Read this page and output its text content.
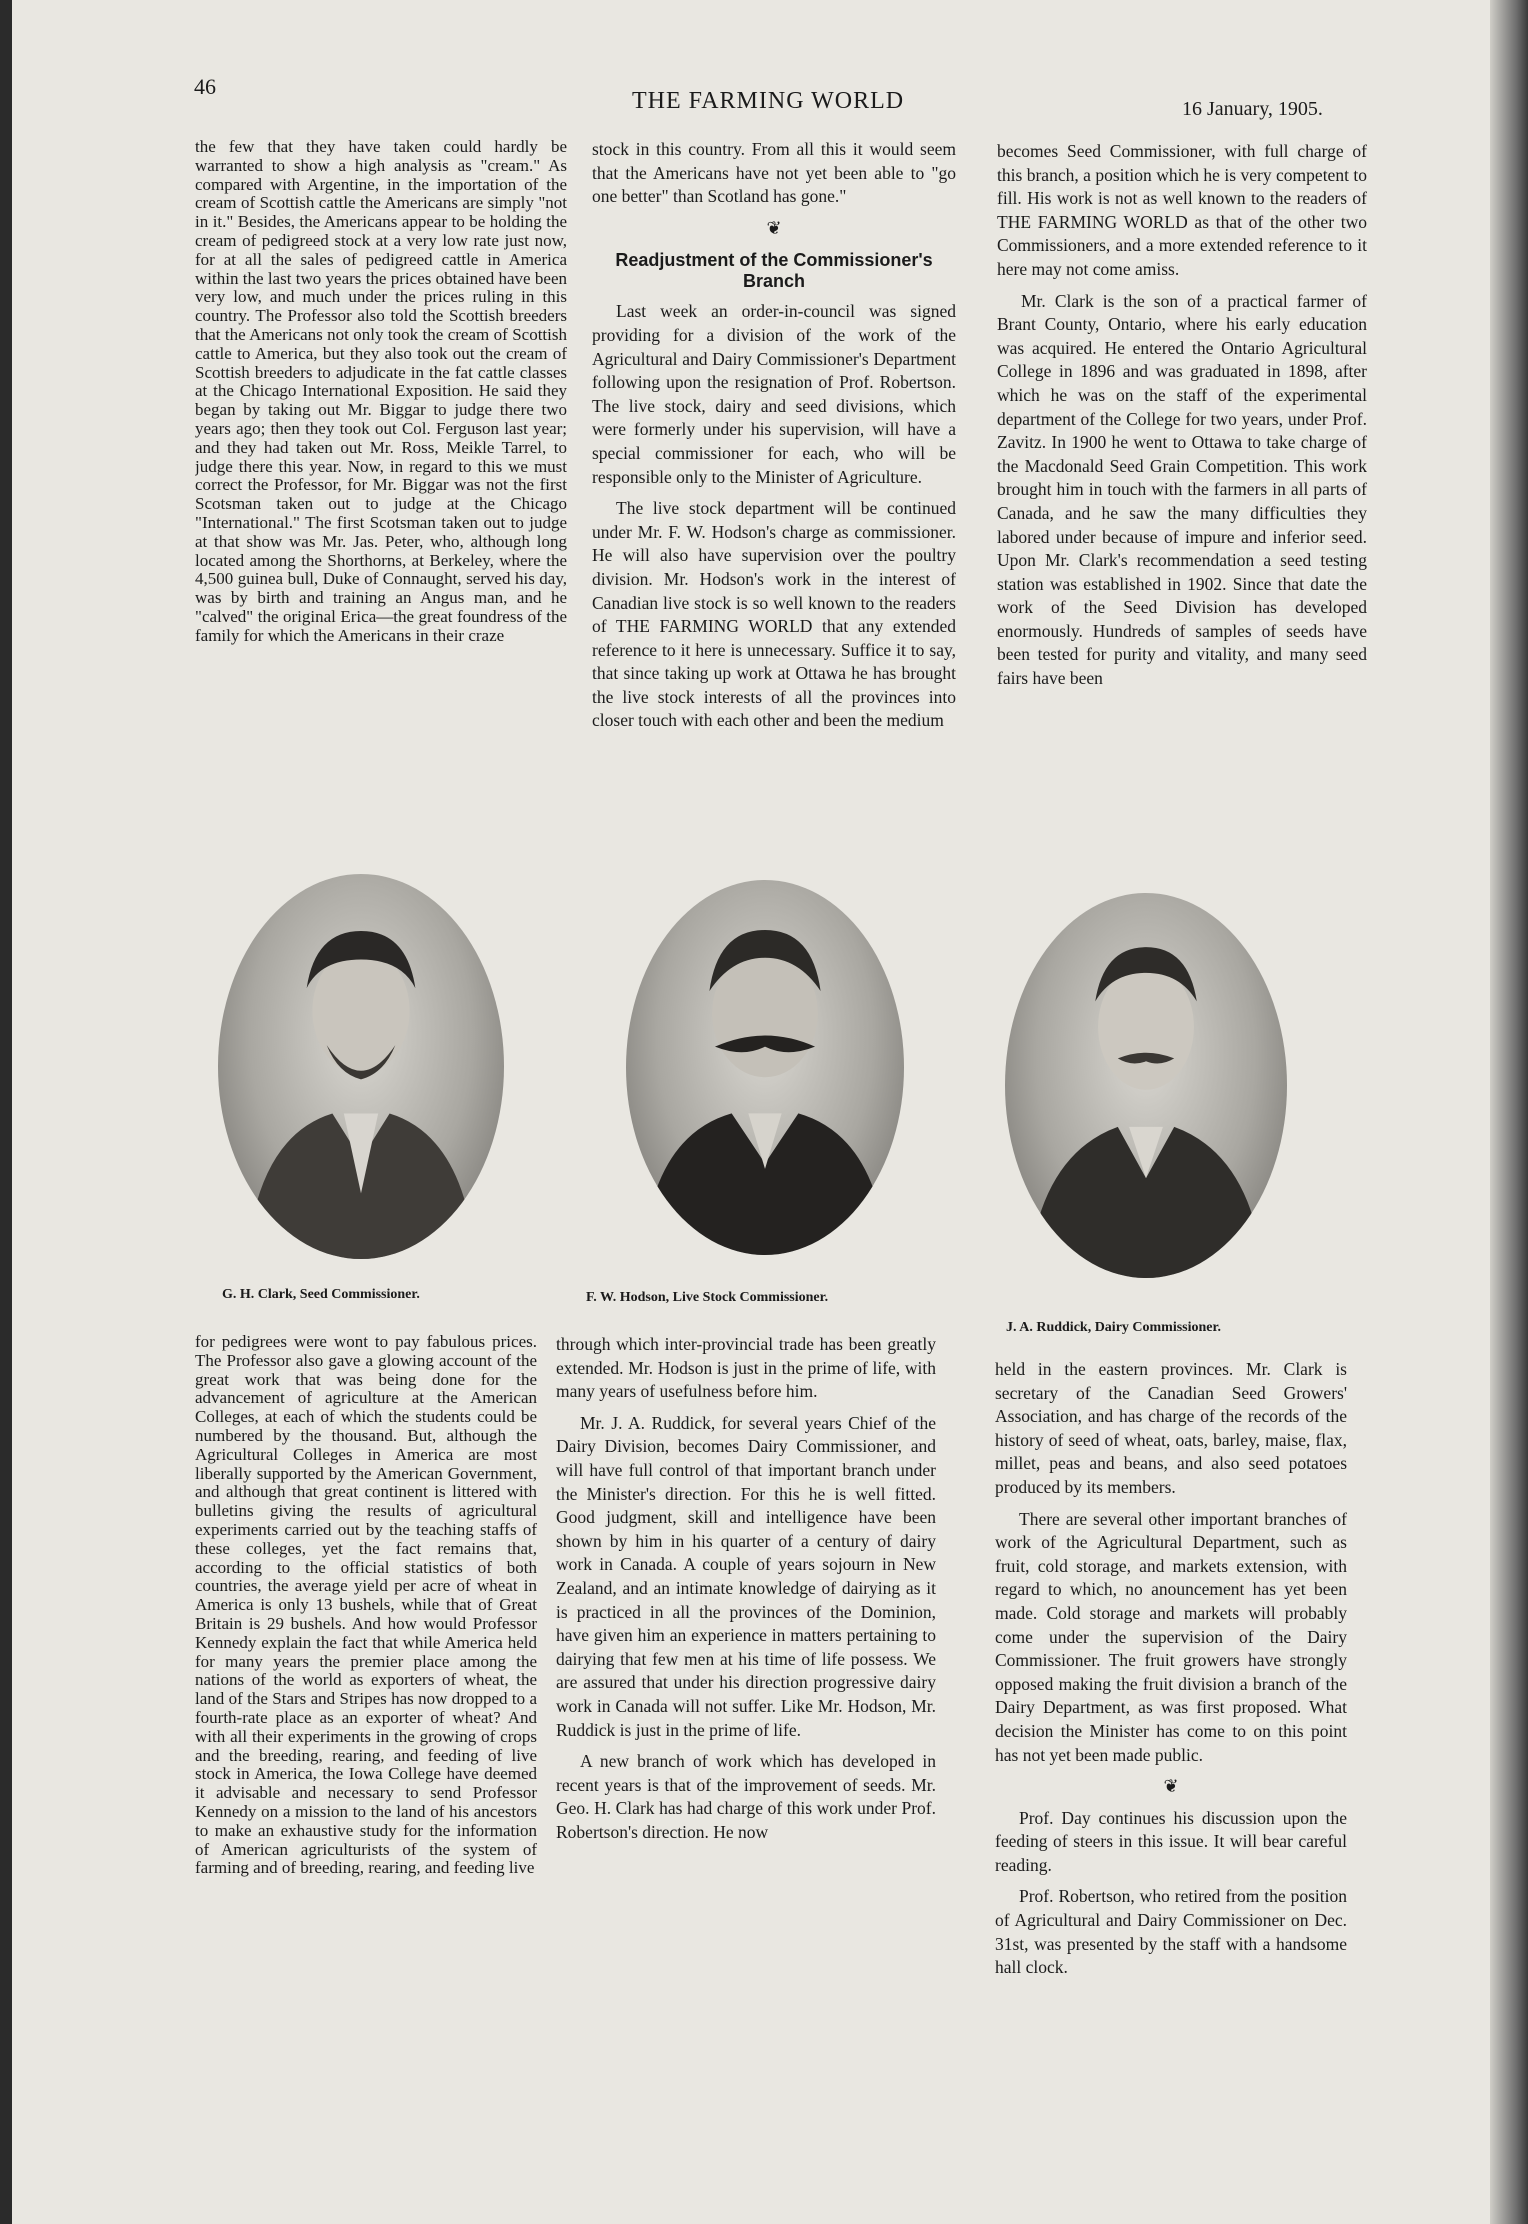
46
THE FARMING WORLD	16 January, 1905.

the few that they have taken could hardly be warranted to show a high analysis as "cream." As compared with Argentine, in the importation of the cream of Scottish cattle the Americans are simply "not in it." Besides, the Americans appear to be holding the cream of pedigreed stock at a very low rate just now, for at all the sales of pedigreed cattle in America within the last two years the prices obtained have been very low, and much under the prices ruling in this country. The Professor also told the Scottish breeders that the Americans not only took the cream of Scottish cattle to America, but they also took out the cream of Scottish breeders to adjudicate in the fat cattle classes at the Chicago International Exposition. He said they began by taking out Mr. Biggar to judge there two years ago; then they took out Col. Ferguson last year; and they had taken out Mr. Ross, Meikle Tarrel, to judge there this year. Now, in regard to this we must correct the Professor, for Mr. Biggar was not the first Scotsman taken out to judge at the Chicago "International." The first Scotsman taken out to judge at that show was Mr. Jas. Peter, who, although long located among the Shorthorns, at Berkeley, where the 4,500 guinea bull, Duke of Connaught, served his day, was by birth and training an Angus man, and he "calved" the original Erica—the great foundress of the family for which the Americans in their craze

stock in this country. From all this it would seem that the Americans have not yet been able to "go one better" than Scotland has gone."

❦
Readjustment of the Commissioner's Branch

Last week an order-in-council was signed providing for a division of the work of the Agricultural and Dairy Commissioner's Department following upon the resignation of Prof. Robertson. The live stock, dairy and seed divisions, which were formerly under his supervision, will have a special commissioner for each, who will be responsible only to the Minister of Agriculture.

The live stock department will be continued under Mr. F. W. Hodson's charge as commissioner. He will also have supervision over the poultry division. Mr. Hodson's work in the interest of Canadian live stock is so well known to the readers of THE FARMING WORLD that any extended reference to it here is unnecessary. Suffice it to say, that since taking up work at Ottawa he has brought the live stock interests of all the provinces into closer touch with each other and been the medium

becomes Seed Commissioner, with full charge of this branch, a position which he is very competent to fill. His work is not as well known to the readers of THE FARMING WORLD as that of the other two Commissioners, and a more extended reference to it here may not come amiss.

Mr. Clark is the son of a practical farmer of Brant County, Ontario, where his early education was acquired. He entered the Ontario Agricultural College in 1896 and was graduated in 1898, after which he was on the staff of the experimental department of the College for two years, under Prof. Zavitz. In 1900 he went to Ottawa to take charge of the Macdonald Seed Grain Competition. This work brought him in touch with the farmers in all parts of Canada, and he saw the many difficulties they labored under because of impure and inferior seed. Upon Mr. Clark's recommendation a seed testing station was established in 1902. Since that date the work of the Seed Division has developed enormously. Hundreds of samples of seeds have been tested for purity and vitality, and many seed fairs have been

G. H. Clark, Seed Commissioner.	F. W. Hodson, Live Stock Commissioner.
J. A. Ruddick, Dairy Commissioner.

for pedigrees were wont to pay fabulous prices. The Professor also gave a glowing account of the great work that was being done for the advancement of agriculture at the American Colleges, at each of which the students could be numbered by the thousand. But, although the Agricultural Colleges in America are most liberally supported by the American Government, and although that great continent is littered with bulletins giving the results of agricultural experiments carried out by the teaching staffs of these colleges, yet the fact remains that, according to the official statistics of both countries, the average yield per acre of wheat in America is only 13 bushels, while that of Great Britain is 29 bushels. And how would Professor Kennedy explain the fact that while America held for many years the premier place among the nations of the world as exporters of wheat, the land of the Stars and Stripes has now dropped to a fourth-rate place as an exporter of wheat? And with all their experiments in the growing of crops and the breeding, rearing, and feeding of live stock in America, the Iowa College have deemed it advisable and necessary to send Professor Kennedy on a mission to the land of his ancestors to make an exhaustive study for the information of American agriculturists of the system of farming and of breeding, rearing, and feeding live

through which inter-provincial trade has been greatly extended. Mr. Hodson is just in the prime of life, with many years of usefulness before him.

Mr. J. A. Ruddick, for several years Chief of the Dairy Division, becomes Dairy Commissioner, and will have full control of that important branch under the Minister's direction. For this he is well fitted. Good judgment, skill and intelligence have been shown by him in his quarter of a century of dairy work in Canada. A couple of years sojourn in New Zealand, and an intimate knowledge of dairying as it is practiced in all the provinces of the Dominion, have given him an experience in matters pertaining to dairying that few men at his time of life possess. We are assured that under his direction progressive dairy work in Canada will not suffer. Like Mr. Hodson, Mr. Ruddick is just in the prime of life.

A new branch of work which has developed in recent years is that of the improvement of seeds. Mr. Geo. H. Clark has had charge of this work under Prof. Robertson's direction. He now

held in the eastern provinces. Mr. Clark is secretary of the Canadian Seed Growers' Association, and has charge of the records of the history of seed of wheat, oats, barley, maise, flax, millet, peas and beans, and also seed potatoes produced by its members.

There are several other important branches of work of the Agricultural Department, such as fruit, cold storage, and markets extension, with regard to which, no anouncement has yet been made. Cold storage and markets will probably come under the supervision of the Dairy Commissioner. The fruit growers have strongly opposed making the fruit division a branch of the Dairy Department, as was first proposed. What decision the Minister has come to on this point has not yet been made public.

❦

Prof. Day continues his discussion upon the feeding of steers in this issue. It will bear careful reading.

Prof. Robertson, who retired from the position of Agricultural and Dairy Commissioner on Dec. 31st, was presented by the staff with a handsome hall clock.
